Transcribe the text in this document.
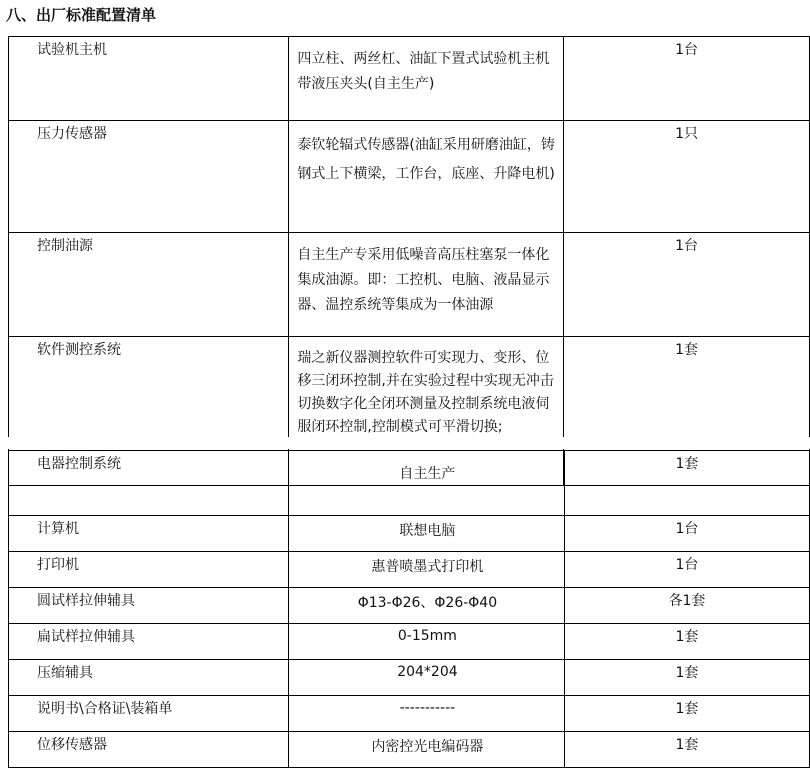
八、出厂标准配置清单
试验机主机	四立柱、两丝杠、油缸下置式试验机主机带液压夹头(自主生产)	1台
压力传感器	泰钦轮辐式传感器(油缸采用研磨油缸，铸钢式上下横梁，工作台，底座、升降电机)	1只
控制油源	自主生产专采用低噪音高压柱塞泵一体化集成油源。即：工控机、电脑、液晶显示器、温控系统等集成为一体油源	1台
软件测控系统	瑞之新仪器测控软件可实现力、变形、位移三闭环控制,并在实验过程中实现无冲击切换数字化全闭环测量及控制系统电液伺服闭环控制,控制模式可平滑切换;	1套
电器控制系统	自主生产	1套
计算机	联想电脑	1台
打印机	惠普喷墨式打印机	1台
圆试样拉伸辅具	Φ13-Φ26、Φ26-Φ40	各1套
扁试样拉伸辅具	0-15mm	1套
压缩辅具	204*204	1套
说明书\合格证\装箱单	-----------	1套
位移传感器	内密控光电编码器	1套
